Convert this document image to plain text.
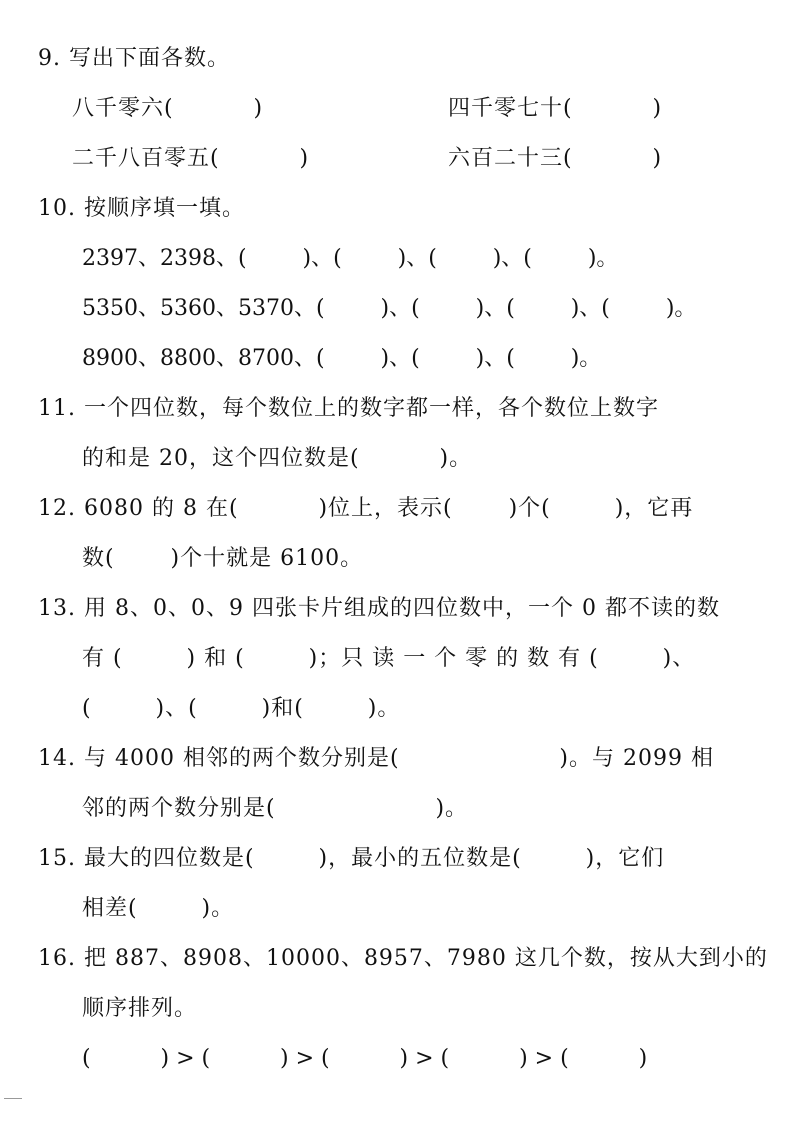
9. 写出下面各数。
八千零六(          )	四千零七十(          )
二千八百零五(          )	六百二十三(          )
10. 按顺序填一填。
2397、2398、(        )、(        )、(        )、(        )。
5350、5360、5370、(        )、(        )、(        )、(        )。
8900、8800、8700、(        )、(        )、(        )。
11. 一个四位数，每个数位上的数字都一样，各个数位上数字
的和是 20，这个四位数是(          )。
12. 6080 的 8 在(          )位上，表示(       )个(        )，它再
数(       )个十就是 6100。
13. 用 8、0、0、9 四张卡片组成的四位数中，一个 0 都不读的数
有 (        ) 和 (        )；只 读 一 个 零 的 数 有 (        )、
(        )、(        )和(        )。
14. 与 4000 相邻的两个数分别是(                    )。与 2099 相
邻的两个数分别是(                    )。
15. 最大的四位数是(        )，最小的五位数是(        )，它们
相差(        )。
16. 把 887、8908、10000、8957、7980 这几个数，按从大到小的
顺序排列。
(          ) > (          ) > (          ) > (          ) > (          )
